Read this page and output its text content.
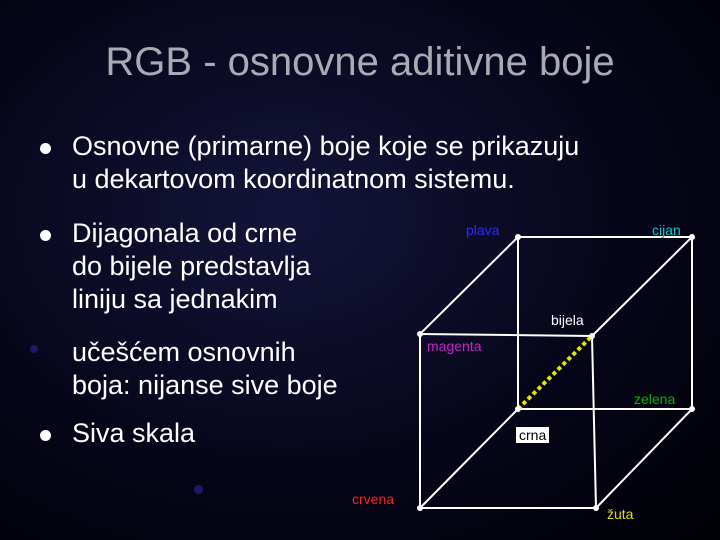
RGB - osnovne aditivne boje
Osnovne (primarne) boje koje se prikazuju
u dekartovom koordinatnom sistemu.
Dijagonala od crne
do bijele predstavlja
liniju sa jednakim
učešćem osnovnih
boja: nijanse sive boje
Siva skala
plava	cijan
bijela
magenta
zelena
crna
crvena
žuta
